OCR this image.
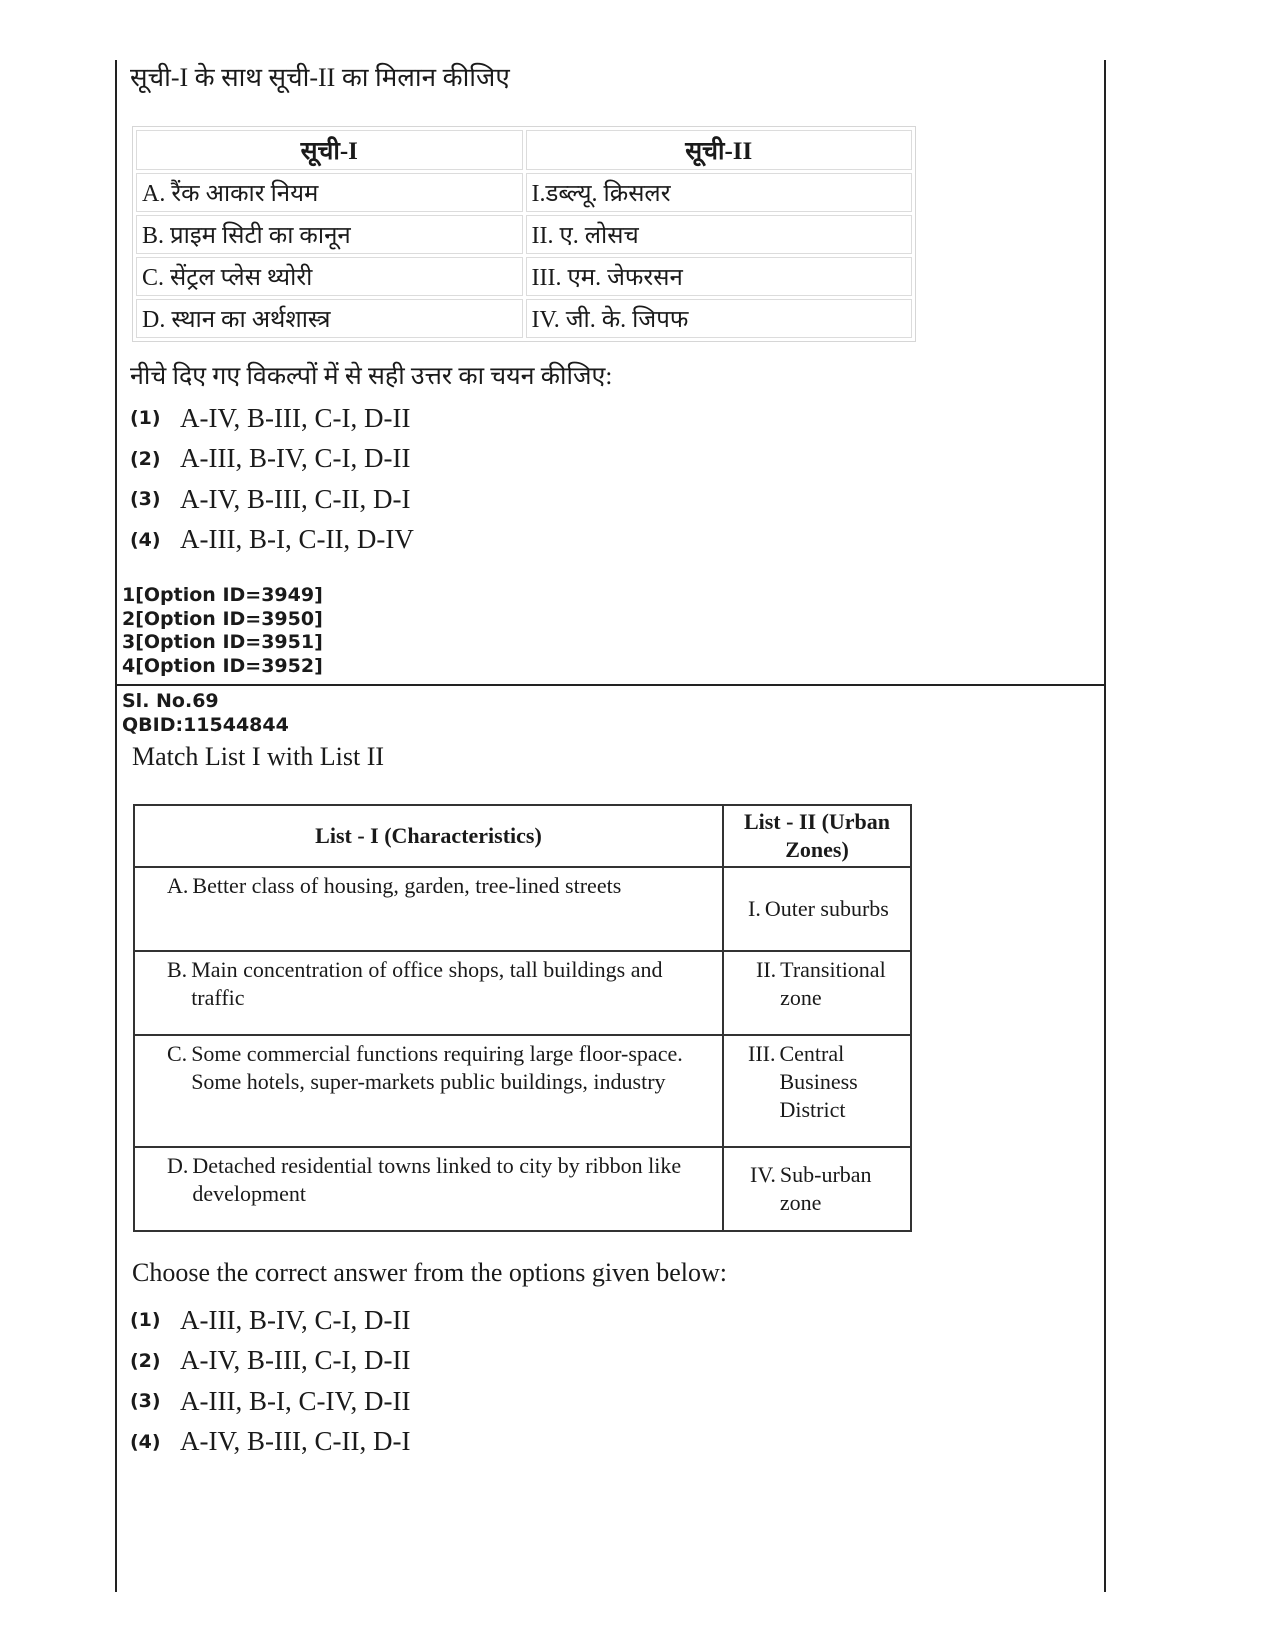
सूची-I के साथ सूची-II का मिलान कीजिए
सूची-I	सूची-II
A. रैंक आकार नियम	I.डब्ल्यू. क्रिसलर
B. प्राइम सिटी का कानून	II. ए. लोसच
C. सेंट्रल प्लेस थ्योरी	III. एम. जेफरसन
D. स्थान का अर्थशास्त्र	IV. जी. के. जिपफ
नीचे दिए गए विकल्पों में से सही उत्तर का चयन कीजिए:
(1) A-IV, B-III, C-I, D-II
(2) A-III, B-IV, C-I, D-II
(3) A-IV, B-III, C-II, D-I
(4) A-III, B-I, C-II, D-IV
1[Option ID=3949]
2[Option ID=3950]
3[Option ID=3951]
4[Option ID=3952]
Sl. No.69
QBID:11544844
Match List I with List II
List - I (Characteristics)	List - II (Urban Zones)

A. Better class of housing, garden, tree-lined streets	I. Outer suburbs

B. Main concentration of office shops, tall buildings and traffic	II. Transitional zone

C. Some commercial functions requiring large floor-space. Some hotels, super-markets public buildings, industry	III. Central Business District

D. Detached residential towns linked to city by ribbon like development	IV. Sub-urban zone
Choose the correct answer from the options given below:
(1) A-III, B-IV, C-I, D-II
(2) A-IV, B-III, C-I, D-II
(3) A-III, B-I, C-IV, D-II
(4) A-IV, B-III, C-II, D-I
